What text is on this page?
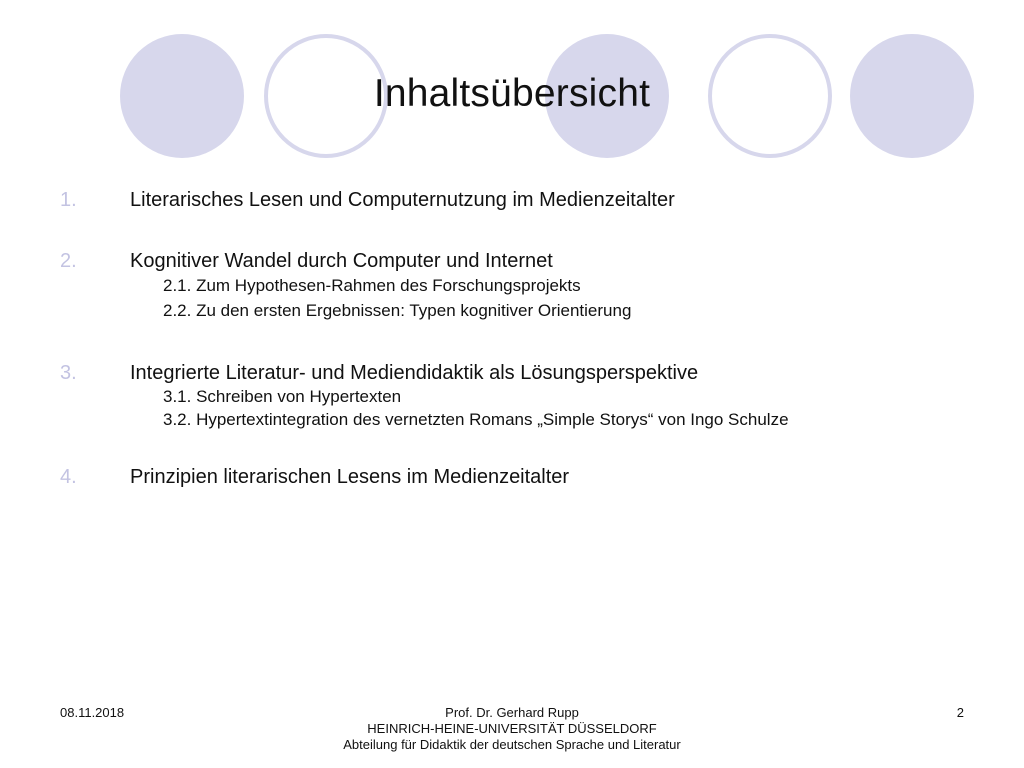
Inhaltsübersicht
1.	Literarisches Lesen und Computernutzung im Medienzeitalter
2.	Kognitiver Wandel durch Computer und Internet
2.1. Zum Hypothesen-Rahmen des Forschungsprojekts
2.2. Zu den ersten Ergebnissen: Typen kognitiver Orientierung
3.	Integrierte Literatur- und Mediendidaktik als Lösungsperspektive
3.1. Schreiben von Hypertexten
3.2. Hypertextintegration des vernetzten Romans „Simple Storys“ von Ingo Schulze
4.	Prinzipien literarischen Lesens im Medienzeitalter
08.11.2018	Prof. Dr. Gerhard Rupp
HEINRICH-HEINE-UNIVERSITÄT DÜSSELDORF
Abteilung für Didaktik der deutschen Sprache und Literatur
2
